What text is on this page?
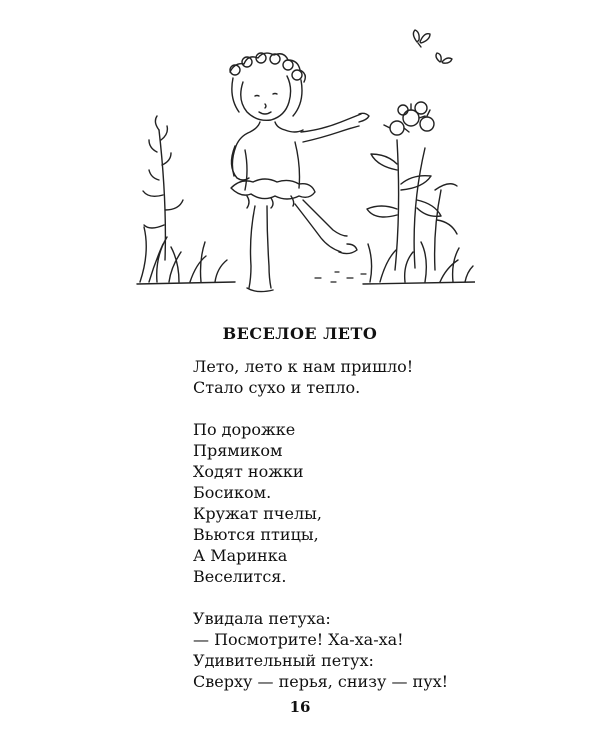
ВЕСЕЛОЕ ЛЕТО
Лето, лето к нам пришло!
Стало сухо и тепло.
По дорожке
Прямиком
Ходят ножки
Босиком.
Кружат пчелы,
Вьются птицы,
А Маринка
Веселится.
Увидала петуха:
— Посмотрите! Ха-ха-ха!
Удивительный петух:
Сверху — перья, снизу — пух!
16
